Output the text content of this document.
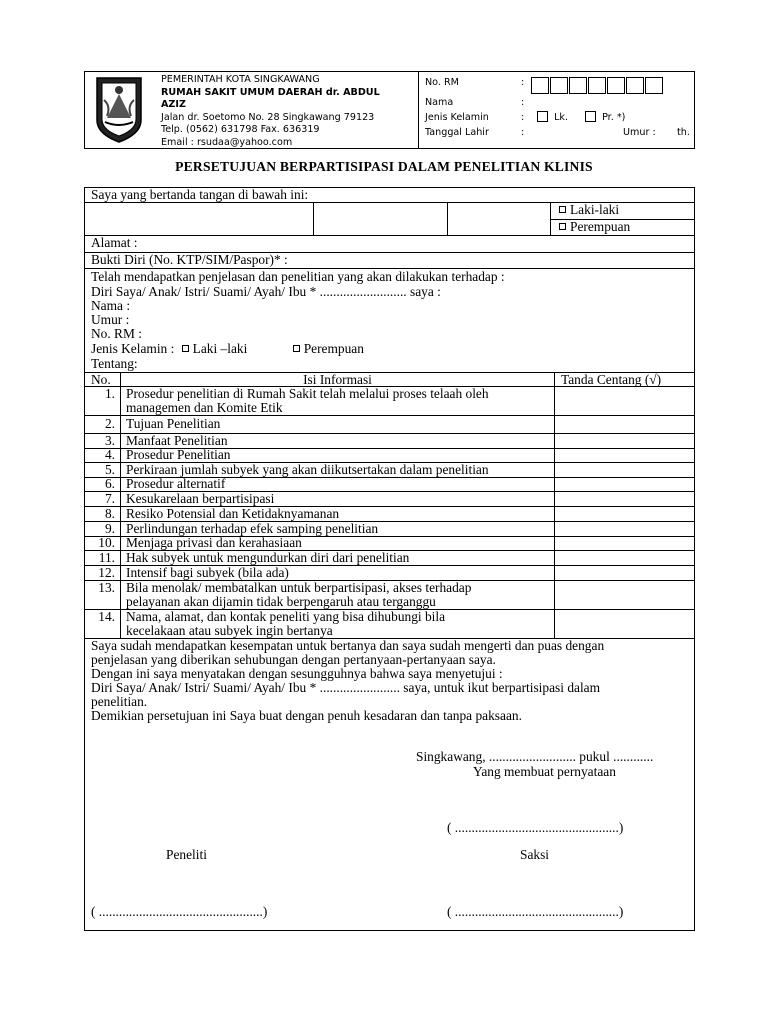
PEMERINTAH KOTA SINGKAWANG
RUMAH SAKIT UMUM DAERAH dr. ABDUL
AZIZ
Jalan dr. Soetomo No. 28 Singkawang 79123
Telp. (0562) 631798 Fax. 636319
Email : rsudaa@yahoo.com
No. RM	:
Nama	:
Jenis Kelamin	:	Lk.	Pr. *)
Tanggal Lahir	:	Umur : th.
PERSETUJUAN BERPARTISIPASI DALAM PENELITIAN KLINIS
Saya yang bertanda tangan di bawah ini:
Laki-laki
Perempuan
Alamat :
Bukti Diri (No. KTP/SIM/Paspor)* :
Telah mendapatkan penjelasan dan penelitian yang akan dilakukan terhadap :
Diri Saya/ Anak/ Istri/ Suami/ Ayah/ Ibu * .......................... saya :
Nama :
Umur :
No. RM :
Jenis Kelamin : Laki –laki	Perempuan
Tentang:
No.	Isi Informasi	Tanda Centang (√)
1. Prosedur penelitian di Rumah Sakit telah melalui proses telaah oleh
managemen dan Komite Etik
2. Tujuan Penelitian
3. Manfaat Penelitian
4. Prosedur Penelitian
5. Perkiraan jumlah subyek yang akan diikutsertakan dalam penelitian
6. Prosedur alternatif
7. Kesukarelaan berpartisipasi
8. Resiko Potensial dan Ketidaknyamanan
9. Perlindungan terhadap efek samping penelitian
10. Menjaga privasi dan kerahasiaan
11. Hak subyek untuk mengundurkan diri dari penelitian
12. Intensif bagi subyek (bila ada)
13. Bila menolak/ membatalkan untuk berpartisipasi, akses terhadap
pelayanan akan dijamin tidak berpengaruh atau terganggu
14. Nama, alamat, dan kontak peneliti yang bisa dihubungi bila
kecelakaan atau subyek ingin bertanya
Saya sudah mendapatkan kesempatan untuk bertanya dan saya sudah mengerti dan puas dengan
penjelasan yang diberikan sehubungan dengan pertanyaan-pertanyaan saya.
Dengan ini saya menyatakan dengan sesungguhnya bahwa saya menyetujui :
Diri Saya/ Anak/ Istri/ Suami/ Ayah/ Ibu * ........................ saya, untuk ikut berpartisipasi dalam
penelitian.
Demikian persetujuan ini Saya buat dengan penuh kesadaran dan tanpa paksaan.
Singkawang, .......................... pukul ............
Yang membuat pernyataan
( .................................................)
Peneliti	Saksi
( .................................................)	( .................................................)
